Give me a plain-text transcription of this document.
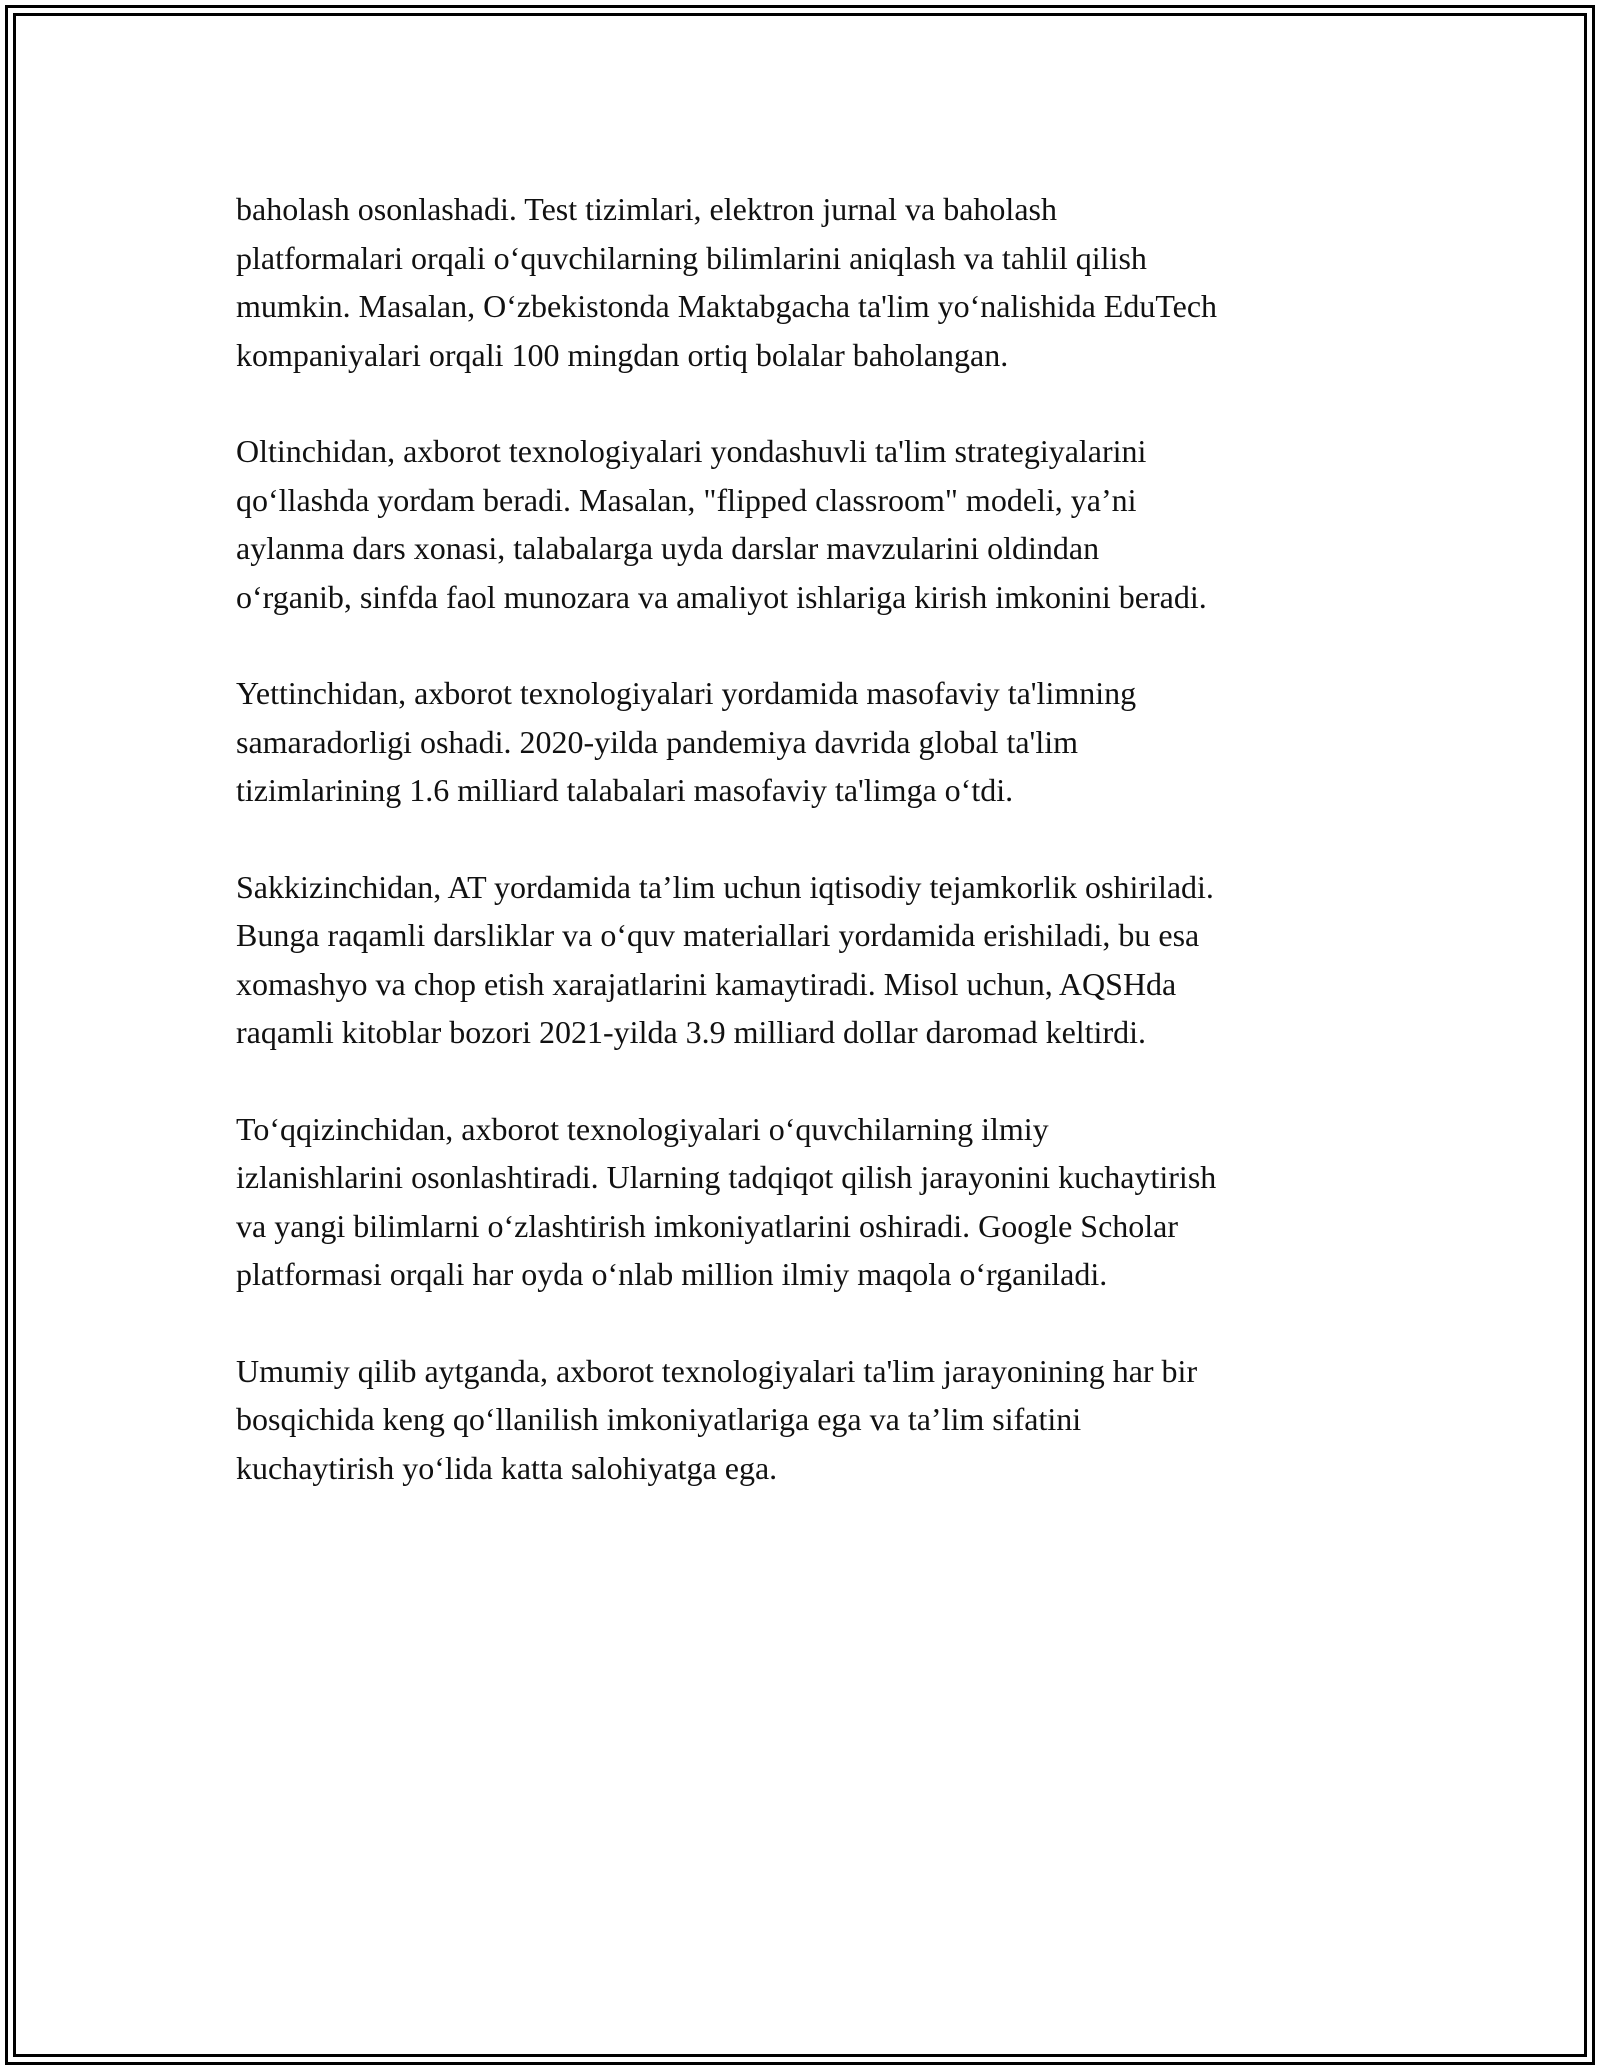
baholash osonlashadi. Test tizimlari, elektron jurnal va baholash
platformalari orqali o‘quvchilarning bilimlarini aniqlash va tahlil qilish
mumkin. Masalan, O‘zbekistonda Maktabgacha ta'lim yo‘nalishida EduTech
kompaniyalari orqali 100 mingdan ortiq bolalar baholangan.

Oltinchidan, axborot texnologiyalari yondashuvli ta'lim strategiyalarini
qo‘llashda yordam beradi. Masalan, "flipped classroom" modeli, ya’ni
aylanma dars xonasi, talabalarga uyda darslar mavzularini oldindan
o‘rganib, sinfda faol munozara va amaliyot ishlariga kirish imkonini beradi.

Yettinchidan, axborot texnologiyalari yordamida masofaviy ta'limning
samaradorligi oshadi. 2020-yilda pandemiya davrida global ta'lim
tizimlarining 1.6 milliard talabalari masofaviy ta'limga o‘tdi.

Sakkizinchidan, AT yordamida ta’lim uchun iqtisodiy tejamkorlik oshiriladi.
Bunga raqamli darsliklar va o‘quv materiallari yordamida erishiladi, bu esa
xomashyo va chop etish xarajatlarini kamaytiradi. Misol uchun, AQSHda
raqamli kitoblar bozori 2021-yilda 3.9 milliard dollar daromad keltirdi.

To‘qqizinchidan, axborot texnologiyalari o‘quvchilarning ilmiy
izlanishlarini osonlashtiradi. Ularning tadqiqot qilish jarayonini kuchaytirish
va yangi bilimlarni o‘zlashtirish imkoniyatlarini oshiradi. Google Scholar
platformasi orqali har oyda o‘nlab million ilmiy maqola o‘rganiladi.

Umumiy qilib aytganda, axborot texnologiyalari ta'lim jarayonining har bir
bosqichida keng qo‘llanilish imkoniyatlariga ega va ta’lim sifatini
kuchaytirish yo‘lida katta salohiyatga ega.
